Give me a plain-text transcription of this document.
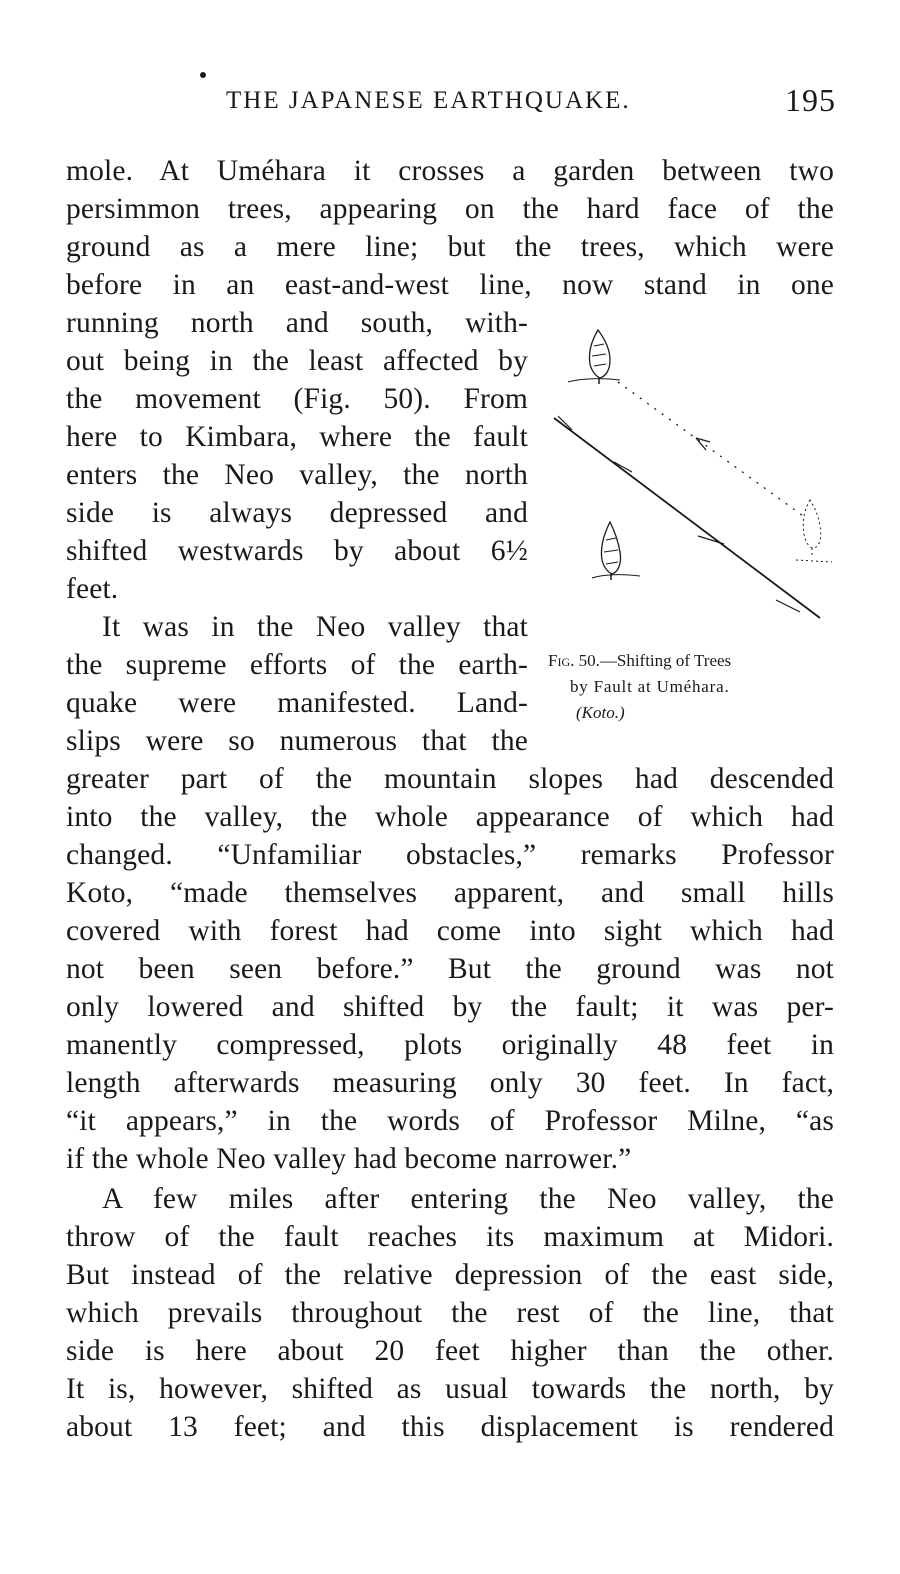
THE JAPANESE EARTHQUAKE.	195
mole. At Uméhara it crosses a garden between two
persimmon trees, appearing on the hard face of the
ground as a mere line; but the trees, which were
before in an east-and-west line, now stand in one
running north and south, with-
out being in the least affected by
the movement (Fig. 50). From
here to Kimbara, where the fault
enters the Neo valley, the north
side is always depressed and
shifted westwards by about 6½
feet.
It was in the Neo valley that
the supreme efforts of the earth-
quake were manifested. Land-
slips were so numerous that the
greater part of the mountain slopes had descended
into the valley, the whole appearance of which had
changed. “Unfamiliar obstacles,” remarks Professor
Koto, “made themselves apparent, and small hills
covered with forest had come into sight which had
not been seen before.” But the ground was not
only lowered and shifted by the fault; it was per-
manently compressed, plots originally 48 feet in
length afterwards measuring only 30 feet. In fact,
“it appears,” in the words of Professor Milne, “as
if the whole Neo valley had become narrower.”
A few miles after entering the Neo valley, the
throw of the fault reaches its maximum at Midori.
But instead of the relative depression of the east side,
which prevails throughout the rest of the line, that
side is here about 20 feet higher than the other.
It is, however, shifted as usual towards the north, by
about 13 feet; and this displacement is rendered
Fig. 50.—Shifting of Trees
by Fault at Uméhara.
(Koto.)
